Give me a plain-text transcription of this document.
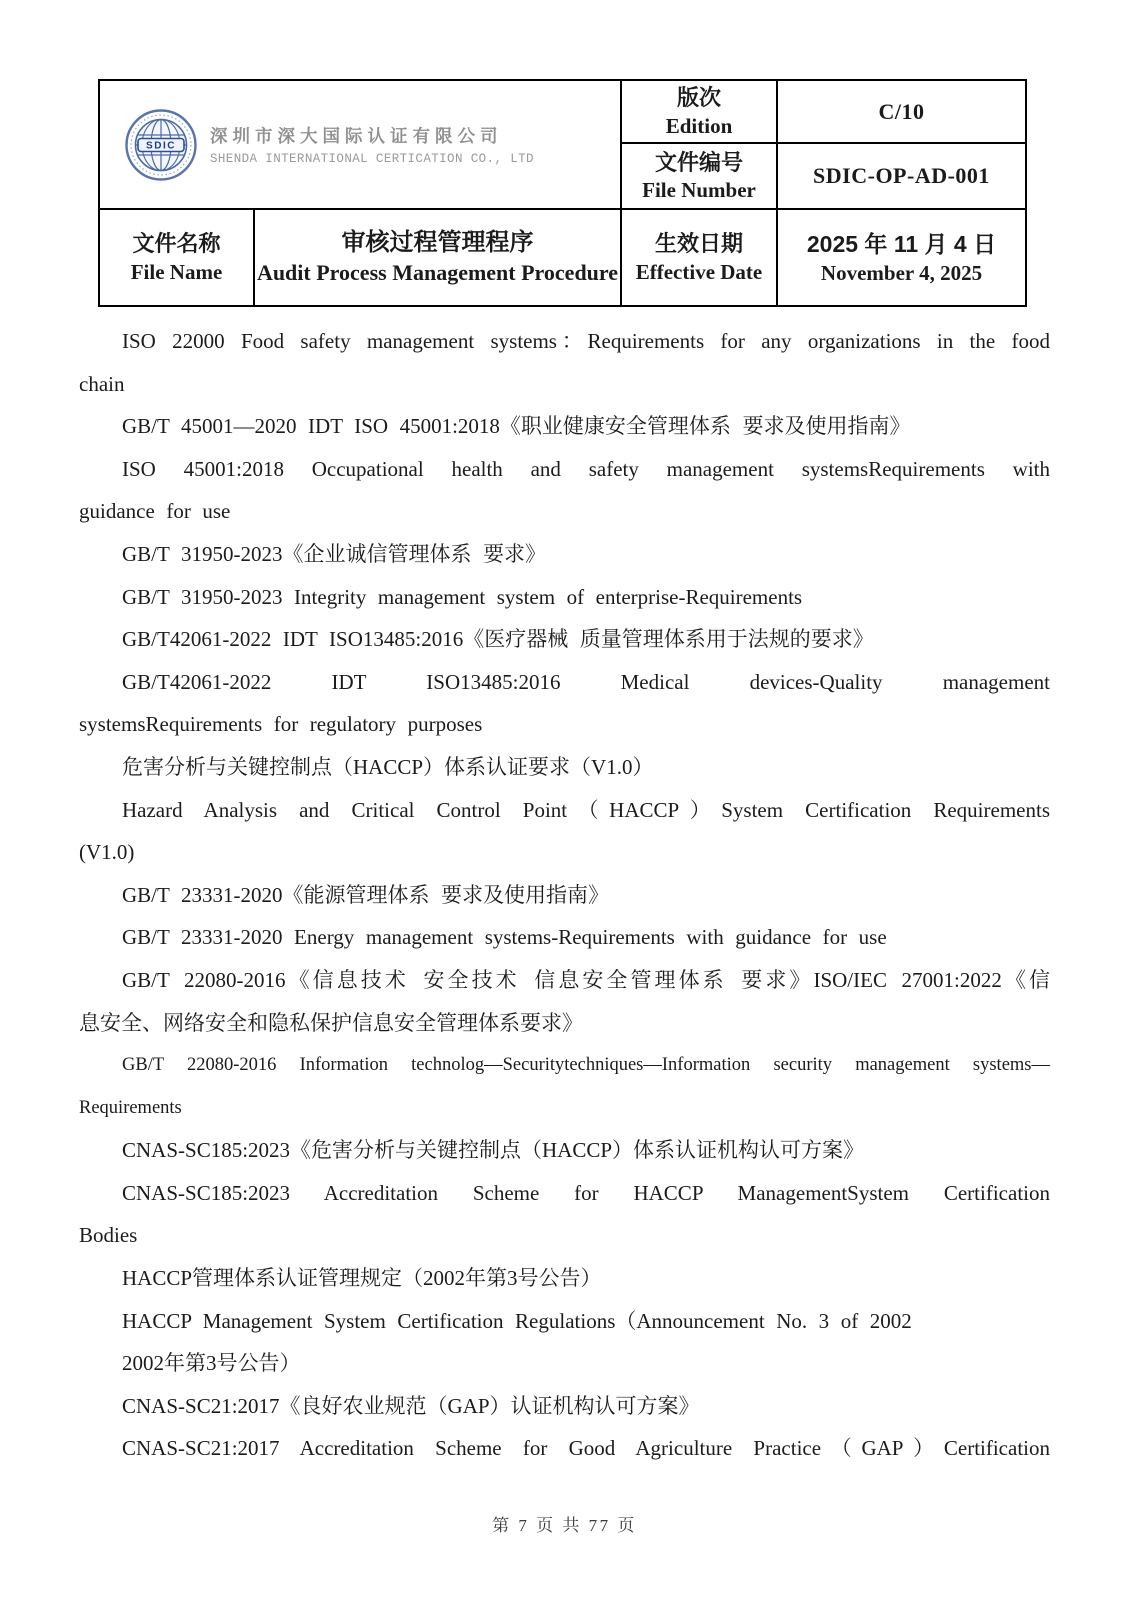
SDIC 深圳市深大国际认证有限公司
SHENDA INTERNATIONAL CERTICATION CO., LTD
版次
Edition
C/10
文件编号
File Number
SDIC-OP-AD-001
文件名称
File Name
审核过程管理程序
Audit Process Management Procedure
生效日期
Effective Date
2025 年 11 月 4 日
November 4, 2025
ISO 22000 Food safety management systems：Requirements for any organizations in the food
chain
GB/T 45001—2020 IDT ISO 45001:2018《职业健康安全管理体系 要求及使用指南》
ISO 45001:2018 Occupational health and safety management systemsRequirements with
guidance for use
GB/T 31950-2023《企业诚信管理体系 要求》
GB/T 31950-2023 Integrity management system of enterprise-Requirements
GB/T42061-2022 IDT ISO13485:2016《医疗器械 质量管理体系用于法规的要求》
GB/T42061-2022 IDT ISO13485:2016 Medical devices-Quality management
systemsRequirements for regulatory purposes
危害分析与关键控制点（HACCP）体系认证要求（V1.0）
Hazard Analysis and Critical Control Point（HACCP）System Certification Requirements
(V1.0)
GB/T 23331-2020《能源管理体系 要求及使用指南》
GB/T 23331-2020 Energy management systems-Requirements with guidance for use
GB/T 22080-2016《信息技术 安全技术 信息安全管理体系 要求》ISO/IEC 27001:2022《信
息安全、网络安全和隐私保护信息安全管理体系要求》
GB/T 22080-2016 Information technolog—Securitytechniques—Information security management systems—
Requirements
CNAS-SC185:2023《危害分析与关键控制点（HACCP）体系认证机构认可方案》
CNAS-SC185:2023 Accreditation Scheme for HACCP ManagementSystem Certification
Bodies
HACCP管理体系认证管理规定（2002年第3号公告）
HACCP Management System Certification Regulations（Announcement No. 3 of 2002
2002年第3号公告）
CNAS-SC21:2017《良好农业规范（GAP）认证机构认可方案》
CNAS-SC21:2017 Accreditation Scheme for Good Agriculture Practice（GAP）Certification
第 7 页 共 77 页
